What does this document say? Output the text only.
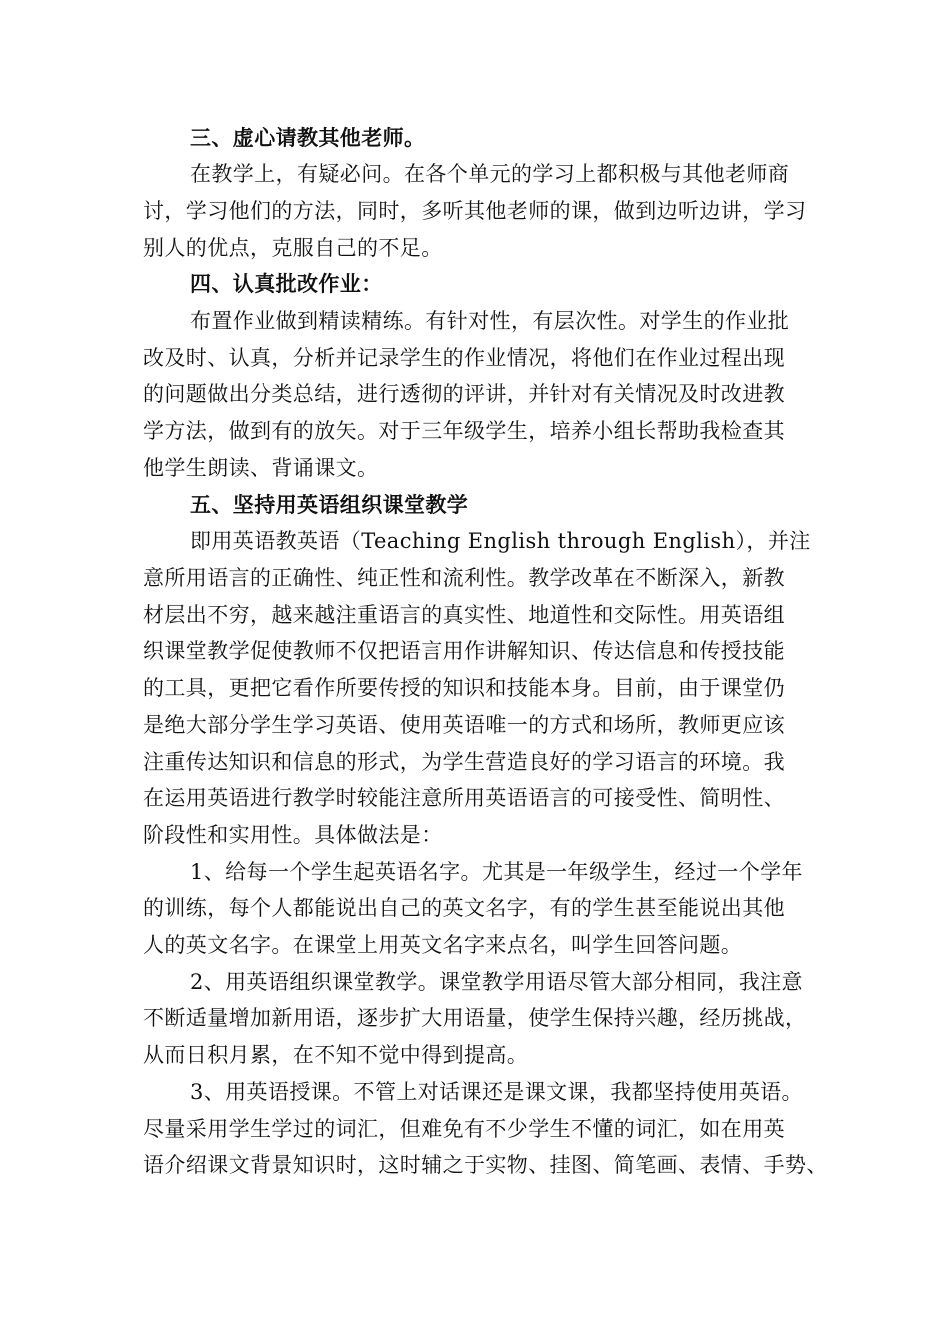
三、虚心请教其他老师。
在教学上，有疑必问。在各个单元的学习上都积极与其他老师商
讨，学习他们的方法，同时，多听其他老师的课，做到边听边讲，学习
别人的优点，克服自己的不足。
四、认真批改作业：
布置作业做到精读精练。有针对性，有层次性。对学生的作业批
改及时、认真，分析并记录学生的作业情况，将他们在作业过程出现
的问题做出分类总结，进行透彻的评讲，并针对有关情况及时改进教
学方法，做到有的放矢。对于三年级学生，培养小组长帮助我检查其
他学生朗读、背诵课文。
五、坚持用英语组织课堂教学
即用英语教英语（Teaching English through English），并注
意所用语言的正确性、纯正性和流利性。教学改革在不断深入，新教
材层出不穷，越来越注重语言的真实性、地道性和交际性。用英语组
织课堂教学促使教师不仅把语言用作讲解知识、传达信息和传授技能
的工具，更把它看作所要传授的知识和技能本身。目前，由于课堂仍
是绝大部分学生学习英语、使用英语唯一的方式和场所，教师更应该
注重传达知识和信息的形式，为学生营造良好的学习语言的环境。我
在运用英语进行教学时较能注意所用英语语言的可接受性、简明性、
阶段性和实用性。具体做法是：
1、给每一个学生起英语名字。尤其是一年级学生，经过一个学年
的训练，每个人都能说出自己的英文名字，有的学生甚至能说出其他
人的英文名字。在课堂上用英文名字来点名，叫学生回答问题。
2、用英语组织课堂教学。课堂教学用语尽管大部分相同，我注意
不断适量增加新用语，逐步扩大用语量，使学生保持兴趣，经历挑战，
从而日积月累，在不知不觉中得到提高。
3、用英语授课。不管上对话课还是课文课，我都坚持使用英语。
尽量采用学生学过的词汇，但难免有不少学生不懂的词汇，如在用英
语介绍课文背景知识时，这时辅之于实物、挂图、简笔画、表情、手势、
